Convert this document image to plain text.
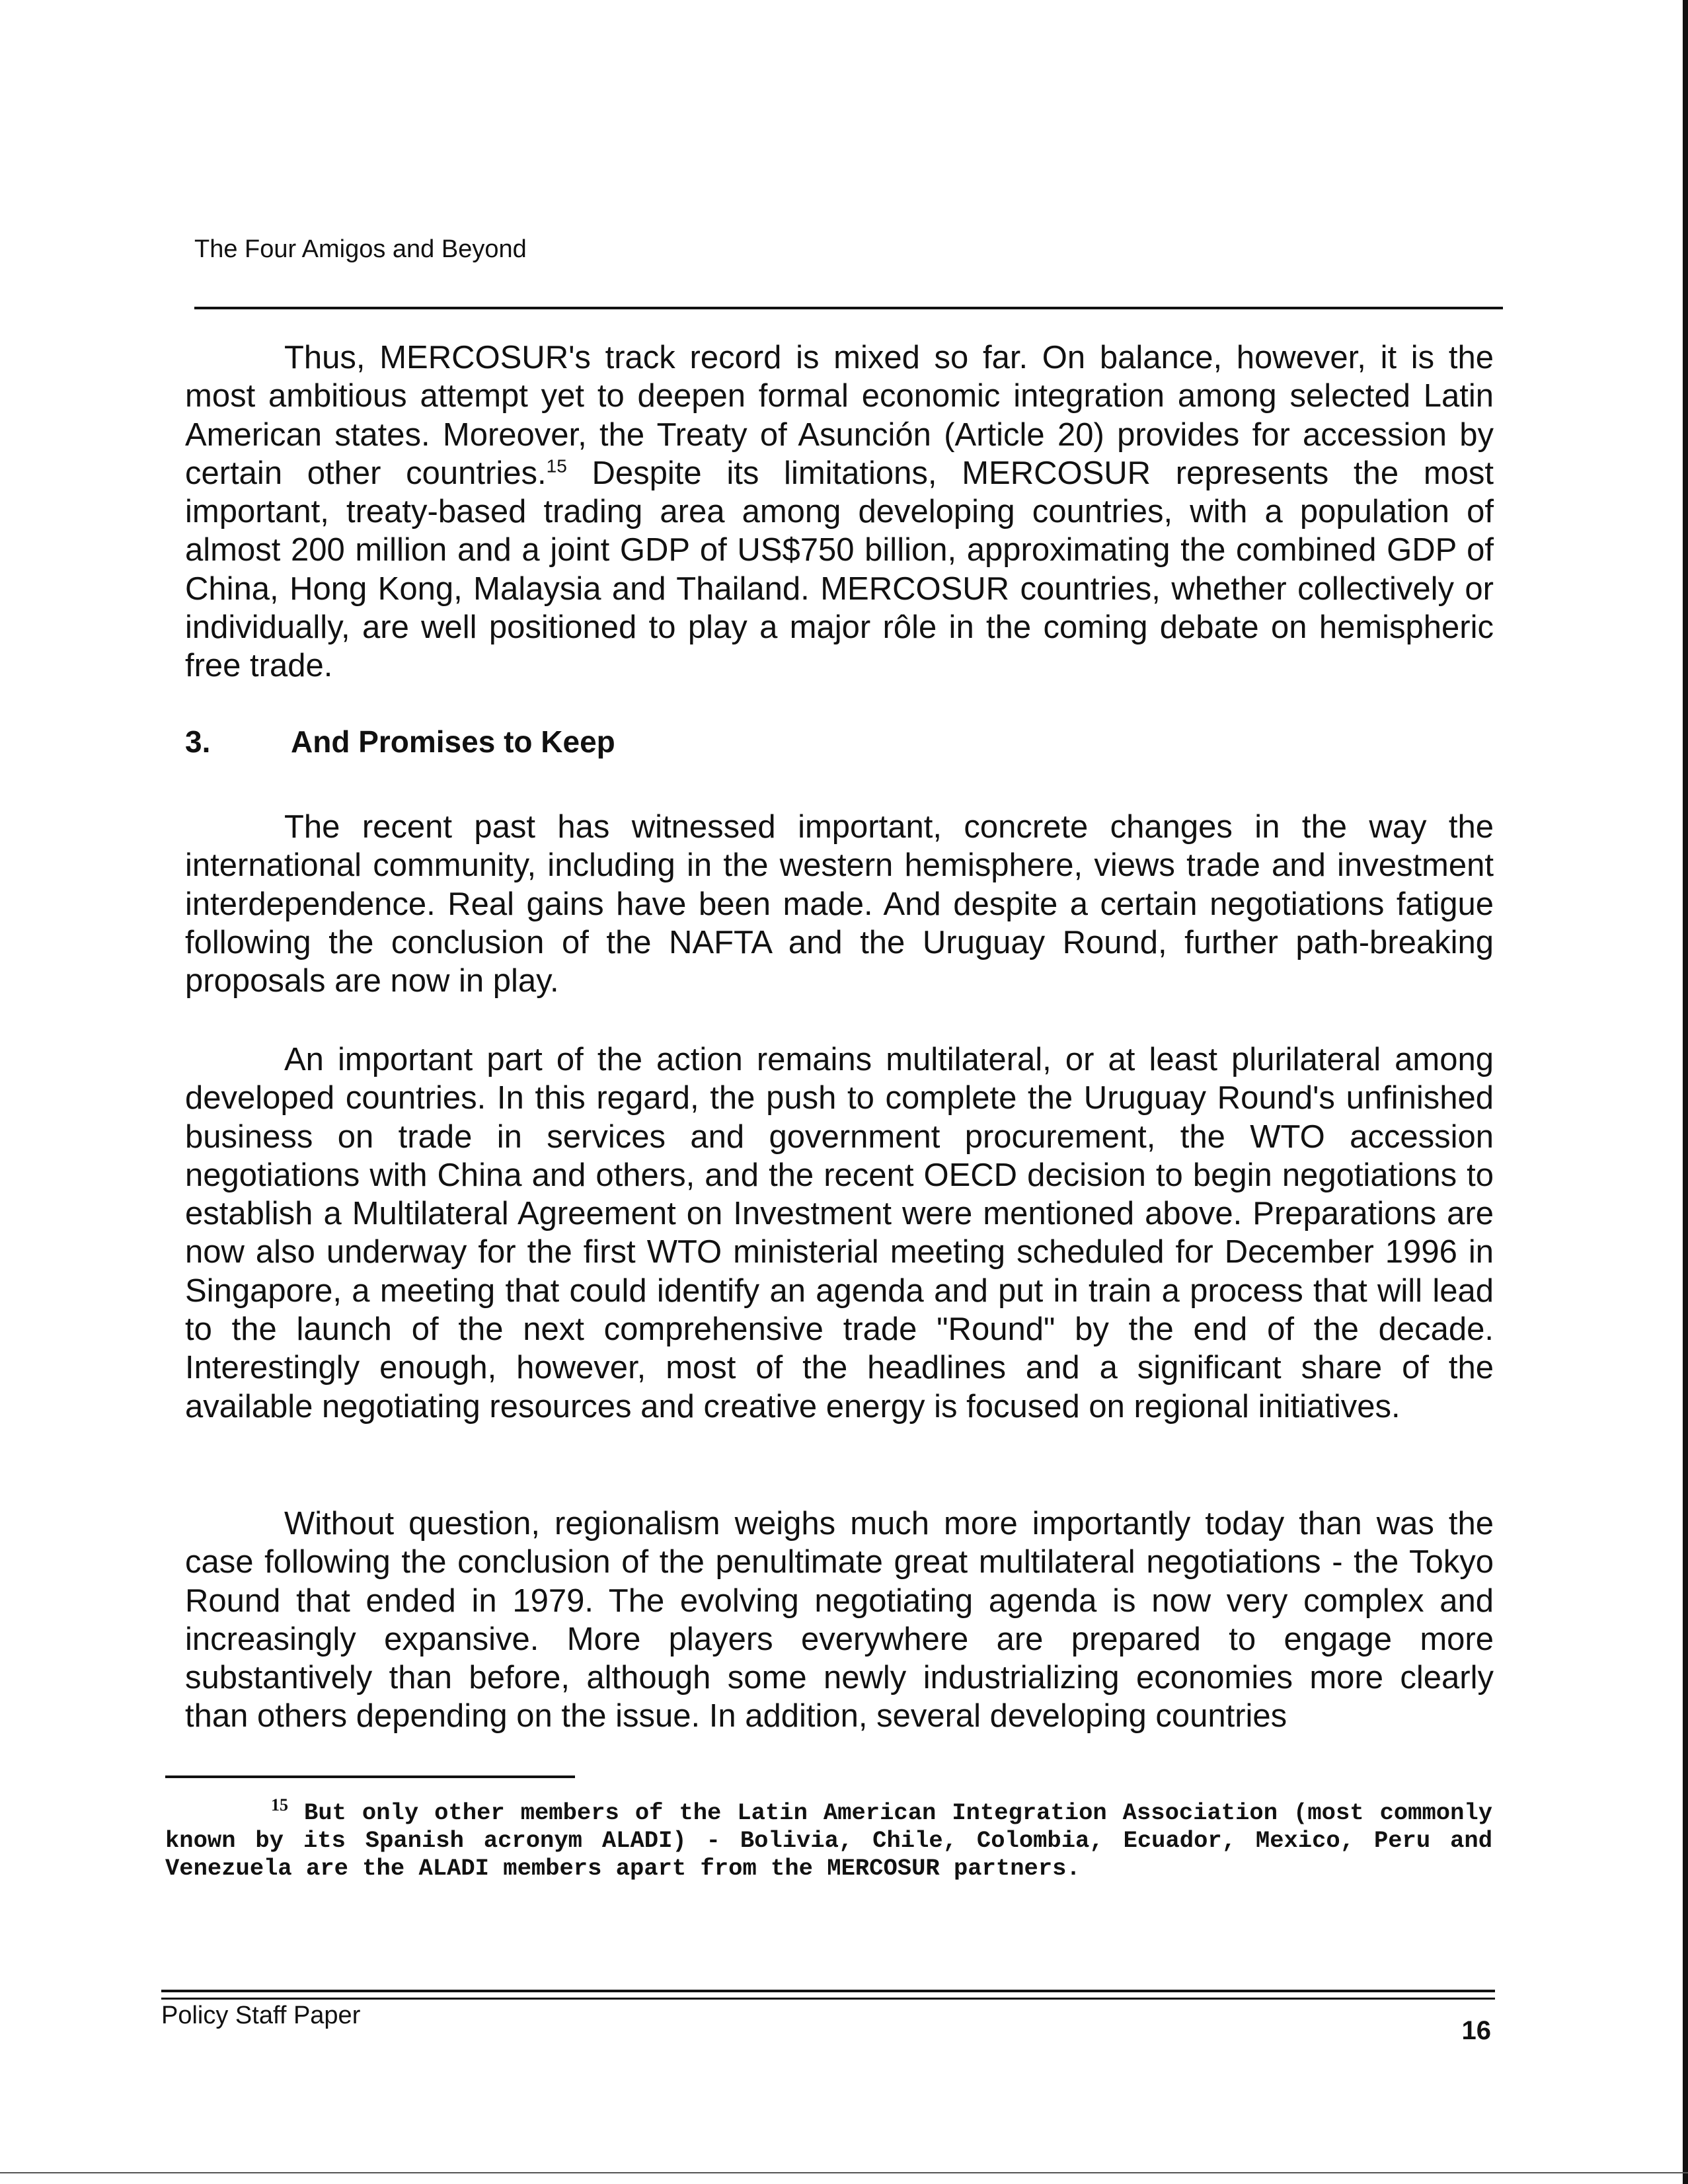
The Four Amigos and Beyond

Thus, MERCOSUR's track record is mixed so far. On balance, however, it is the most ambitious attempt yet to deepen formal economic integration among selected Latin American states. Moreover, the Treaty of Asunción (Article 20) provides for accession by certain other countries.$^{15}$ Despite its limitations, MERCOSUR represents the most important, treaty-based trading area among developing countries, with a population of almost 200 million and a joint GDP of US$750 billion, approximating the combined GDP of China, Hong Kong, Malaysia and Thailand. MERCOSUR countries, whether collectively or individually, are well positioned to play a major rôle in the coming debate on hemispheric free trade.

3.	And Promises to Keep

The recent past has witnessed important, concrete changes in the way the international community, including in the western hemisphere, views trade and investment interdependence. Real gains have been made. And despite a certain negotiations fatigue following the conclusion of the NAFTA and the Uruguay Round, further path-breaking proposals are now in play.

An important part of the action remains multilateral, or at least plurilateral among developed countries. In this regard, the push to complete the Uruguay Round's unfinished business on trade in services and government procurement, the WTO accession negotiations with China and others, and the recent OECD decision to begin negotiations to establish a Multilateral Agreement on Investment were mentioned above. Preparations are now also underway for the first WTO ministerial meeting scheduled for December 1996 in Singapore, a meeting that could identify an agenda and put in train a process that will lead to the launch of the next comprehensive trade "Round" by the end of the decade. Interestingly enough, however, most of the headlines and a significant share of the available negotiating resources and creative energy is focused on regional initiatives.

Without question, regionalism weighs much more importantly today than was the case following the conclusion of the penultimate great multilateral negotiations - the Tokyo Round that ended in 1979. The evolving negotiating agenda is now very complex and increasingly expansive. More players everywhere are prepared to engage more substantively than before, although some newly industrializing economies more clearly than others depending on the issue. In addition, several developing countries

$^{15}$ But only other members of the Latin American Integration Association (most commonly known by its Spanish acronym ALADI) - Bolivia, Chile, Colombia, Ecuador, Mexico, Peru and Venezuela are the ALADI members apart from the MERCOSUR partners.

Policy Staff Paper
16
